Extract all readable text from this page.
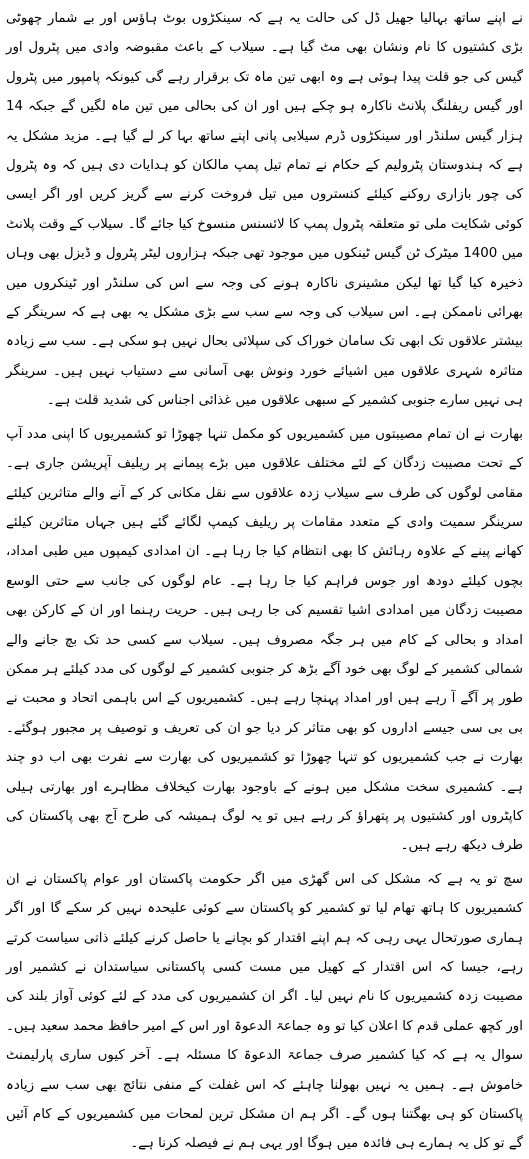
نے اپنے ساتھ بہالیا جھیل ڈل کی حالت یہ ہے کہ سینکڑوں بوٹ ہاؤس اور بے شمار چھوٹی بڑی کشتیوں کا نام ونشان بھی مٹ گیا ہے۔ سیلاب کے باعث مقبوضہ وادی میں پٹرول اور گیس کی جو قلت پیدا ہوئی ہے وہ ابھی تین ماہ تک برقرار رہے گی کیونکہ پامپور میں پٹرول اور گیس ریفلنگ پلانٹ ناکارہ ہو چکے ہیں اور ان کی بحالی میں تین ماہ لگیں گے جبکہ 14 ہزار گیس سلنڈر اور سینکڑوں ڈرم سیلابی پانی اپنے ساتھ بہا کر لے گیا ہے۔ مزید مشکل یہ ہے کہ ہندوستان پٹرولیم کے حکام نے تمام تیل پمپ مالکان کو ہدایات دی ہیں کہ وہ پٹرول کی چور بازاری روکنے کیلئے کنستروں میں تیل فروخت کرنے سے گریز کریں اور اگر ایسی کوئی شکایت ملی تو متعلقہ پٹرول پمپ کا لائسنس منسوخ کیا جائے گا۔ سیلاب کے وقت پلانٹ میں 1400 میٹرک ٹن گیس ٹینکوں میں موجود تھی جبکہ ہزاروں لیٹر پٹرول و ڈیزل بھی وہاں ذخیرہ کیا گیا تھا لیکن مشینری ناکارہ ہونے کی وجہ سے اس کی سلنڈر اور ٹینکروں میں بھرائی ناممکن ہے۔ اس سیلاب کی وجہ سے سب سے بڑی مشکل یہ بھی ہے کہ سرینگر کے بیشتر علاقوں تک ابھی تک سامان خوراک کی سپلائی بحال نہیں ہو سکی ہے۔ سب سے زیادہ متاثرہ شہری علاقوں میں اشیائے خورد ونوش بھی آسانی سے دستیاب نہیں ہیں۔ سرینگر ہی نہیں سارے جنوبی کشمیر کے سبھی علاقوں میں غذائی اجناس کی شدید قلت ہے۔

بھارت نے ان تمام مصیبتوں میں کشمیریوں کو مکمل تنہا چھوڑا تو کشمیریوں کا اپنی مدد آپ کے تحت مصیبت زدگان کے لئے مختلف علاقوں میں بڑے پیمانے پر ریلیف آپریشن جاری ہے۔ مقامی لوگوں کی طرف سے سیلاب زدہ علاقوں سے نقل مکانی کر کے آنے والے متاثرین کیلئے سرینگر سمیت وادی کے متعدد مقامات پر ریلیف کیمپ لگائے گئے ہیں جہاں متاثرین کیلئے کھانے پینے کے علاوہ رہائش کا بھی انتظام کیا جا رہا ہے۔ ان امدادی کیمپوں میں طبی امداد، بچوں کیلئے دودھ اور جوس فراہم کیا جا رہا ہے۔ عام لوگوں کی جانب سے حتی الوسع مصیبت زدگان میں امدادی اشیا تقسیم کی جا رہی ہیں۔ حریت رہنما اور ان کے کارکن بھی امداد و بحالی کے کام میں ہر جگہ مصروف ہیں۔ سیلاب سے کسی حد تک بچ جانے والے شمالی کشمیر کے لوگ بھی خود آگے بڑھ کر جنوبی کشمیر کے لوگوں کی مدد کیلئے ہر ممکن طور پر آگے آ رہے ہیں اور امداد پہنچا رہے ہیں۔ کشمیریوں کے اس باہمی اتحاد و محبت نے بی بی سی جیسے اداروں کو بھی متاثر کر دیا جو ان کی تعریف و توصیف پر مجبور ہوگئے۔ بھارت نے جب کشمیریوں کو تنہا چھوڑا تو کشمیریوں کی بھارت سے نفرت بھی اب دو چند ہے۔ کشمیری سخت مشکل میں ہونے کے باوجود بھارت کیخلاف مظاہرے اور بھارتی ہیلی کاپٹروں اور کشتیوں پر پتھراؤ کر رہے ہیں تو یہ لوگ ہمیشہ کی طرح آج بھی پاکستان کی طرف دیکھ رہے ہیں۔

سچ تو یہ ہے کہ مشکل کی اس گھڑی میں اگر حکومت پاکستان اور عوام پاکستان نے ان کشمیریوں کا ہاتھ تھام لیا تو کشمیر کو پاکستان سے کوئی علیحدہ نہیں کر سکے گا اور اگر ہماری صورتحال یہی رہی کہ ہم اپنے اقتدار کو بچانے یا حاصل کرنے کیلئے ذاتی سیاست کرتے رہے، جیسا کہ اس اقتدار کے کھیل میں مست کسی پاکستانی سیاستدان نے کشمیر اور مصیبت زدہ کشمیریوں کا نام نہیں لیا۔ اگر ان کشمیریوں کی مدد کے لئے کوئی آواز بلند کی اور کچھ عملی قدم کا اعلان کیا تو وہ جماعۃ الدعوۃ اور اس کے امیر حافظ محمد سعید ہیں۔ سوال یہ ہے کہ کیا کشمیر صرف جماعۃ الدعوۃ کا مسئلہ ہے۔ آخر کیوں ساری پارلیمنٹ خاموش ہے۔ ہمیں یہ نہیں بھولنا چاہئے کہ اس غفلت کے منفی نتائج بھی سب سے زیادہ پاکستان کو ہی بھگتنا ہوں گے۔ اگر ہم ان مشکل ترین لمحات میں کشمیریوں کے کام آئیں گے تو کل یہ ہمارے ہی فائدہ میں ہوگا اور یہی ہم نے فیصلہ کرنا ہے۔
